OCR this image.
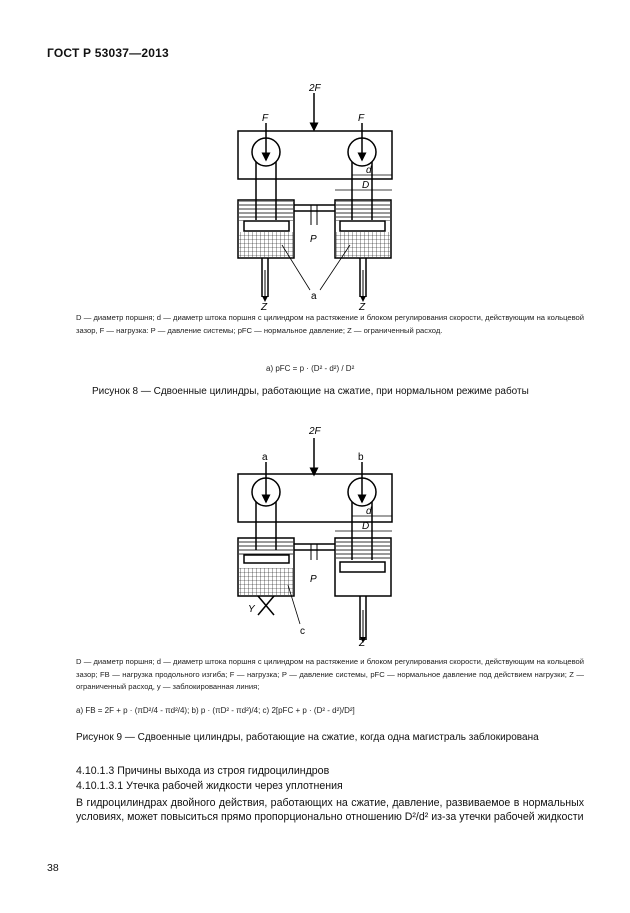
ГОСТ Р 53037—2013
2F
F	F
d
D
P
a
Z	Z
D — диаметр поршня; d — диаметр штока поршня с цилиндром на растяжение и блоком регулирования скорости, действующим на кольцевой зазор, F — нагрузка: P — давление системы; pFC — нормальное давление; Z — ограниченный расход.
а) pFC = p · (D² - d²) / D²
Рисунок 8 — Сдвоенные цилиндры, работающие на сжатие, при нормальном режиме работы
2F
a	b
d
D
P
c
Y
Z
D — диаметр поршня; d — диаметр штока поршня с цилиндром на растяжение и блоком регулирования скорости, действующим на кольцевой зазор; FB — нагрузка продольного изгиба; F — нагрузка; P — давление системы, pFC — нормальное давление под действием нагрузки; Z — ограниченный расход, y — заблокированная линия;
а) FB = 2F + p · (πD²/4 - πd²/4); b) p · (πD² - πd²)/4; c) 2[pFC + p · (D² - d²)/D²]
Рисунок 9 — Сдвоенные цилиндры, работающие на сжатие, когда одна магистраль заблокирована
4.10.1.3 Причины выхода из строя гидроцилиндров
4.10.1.3.1 Утечка рабочей жидкости через уплотнения
В гидроцилиндрах двойного действия, работающих на сжатие, давление, развиваемое в нормальных условиях, может повыситься прямо пропорционально отношению D²/d² из-за утечки рабочей жидкости
38
